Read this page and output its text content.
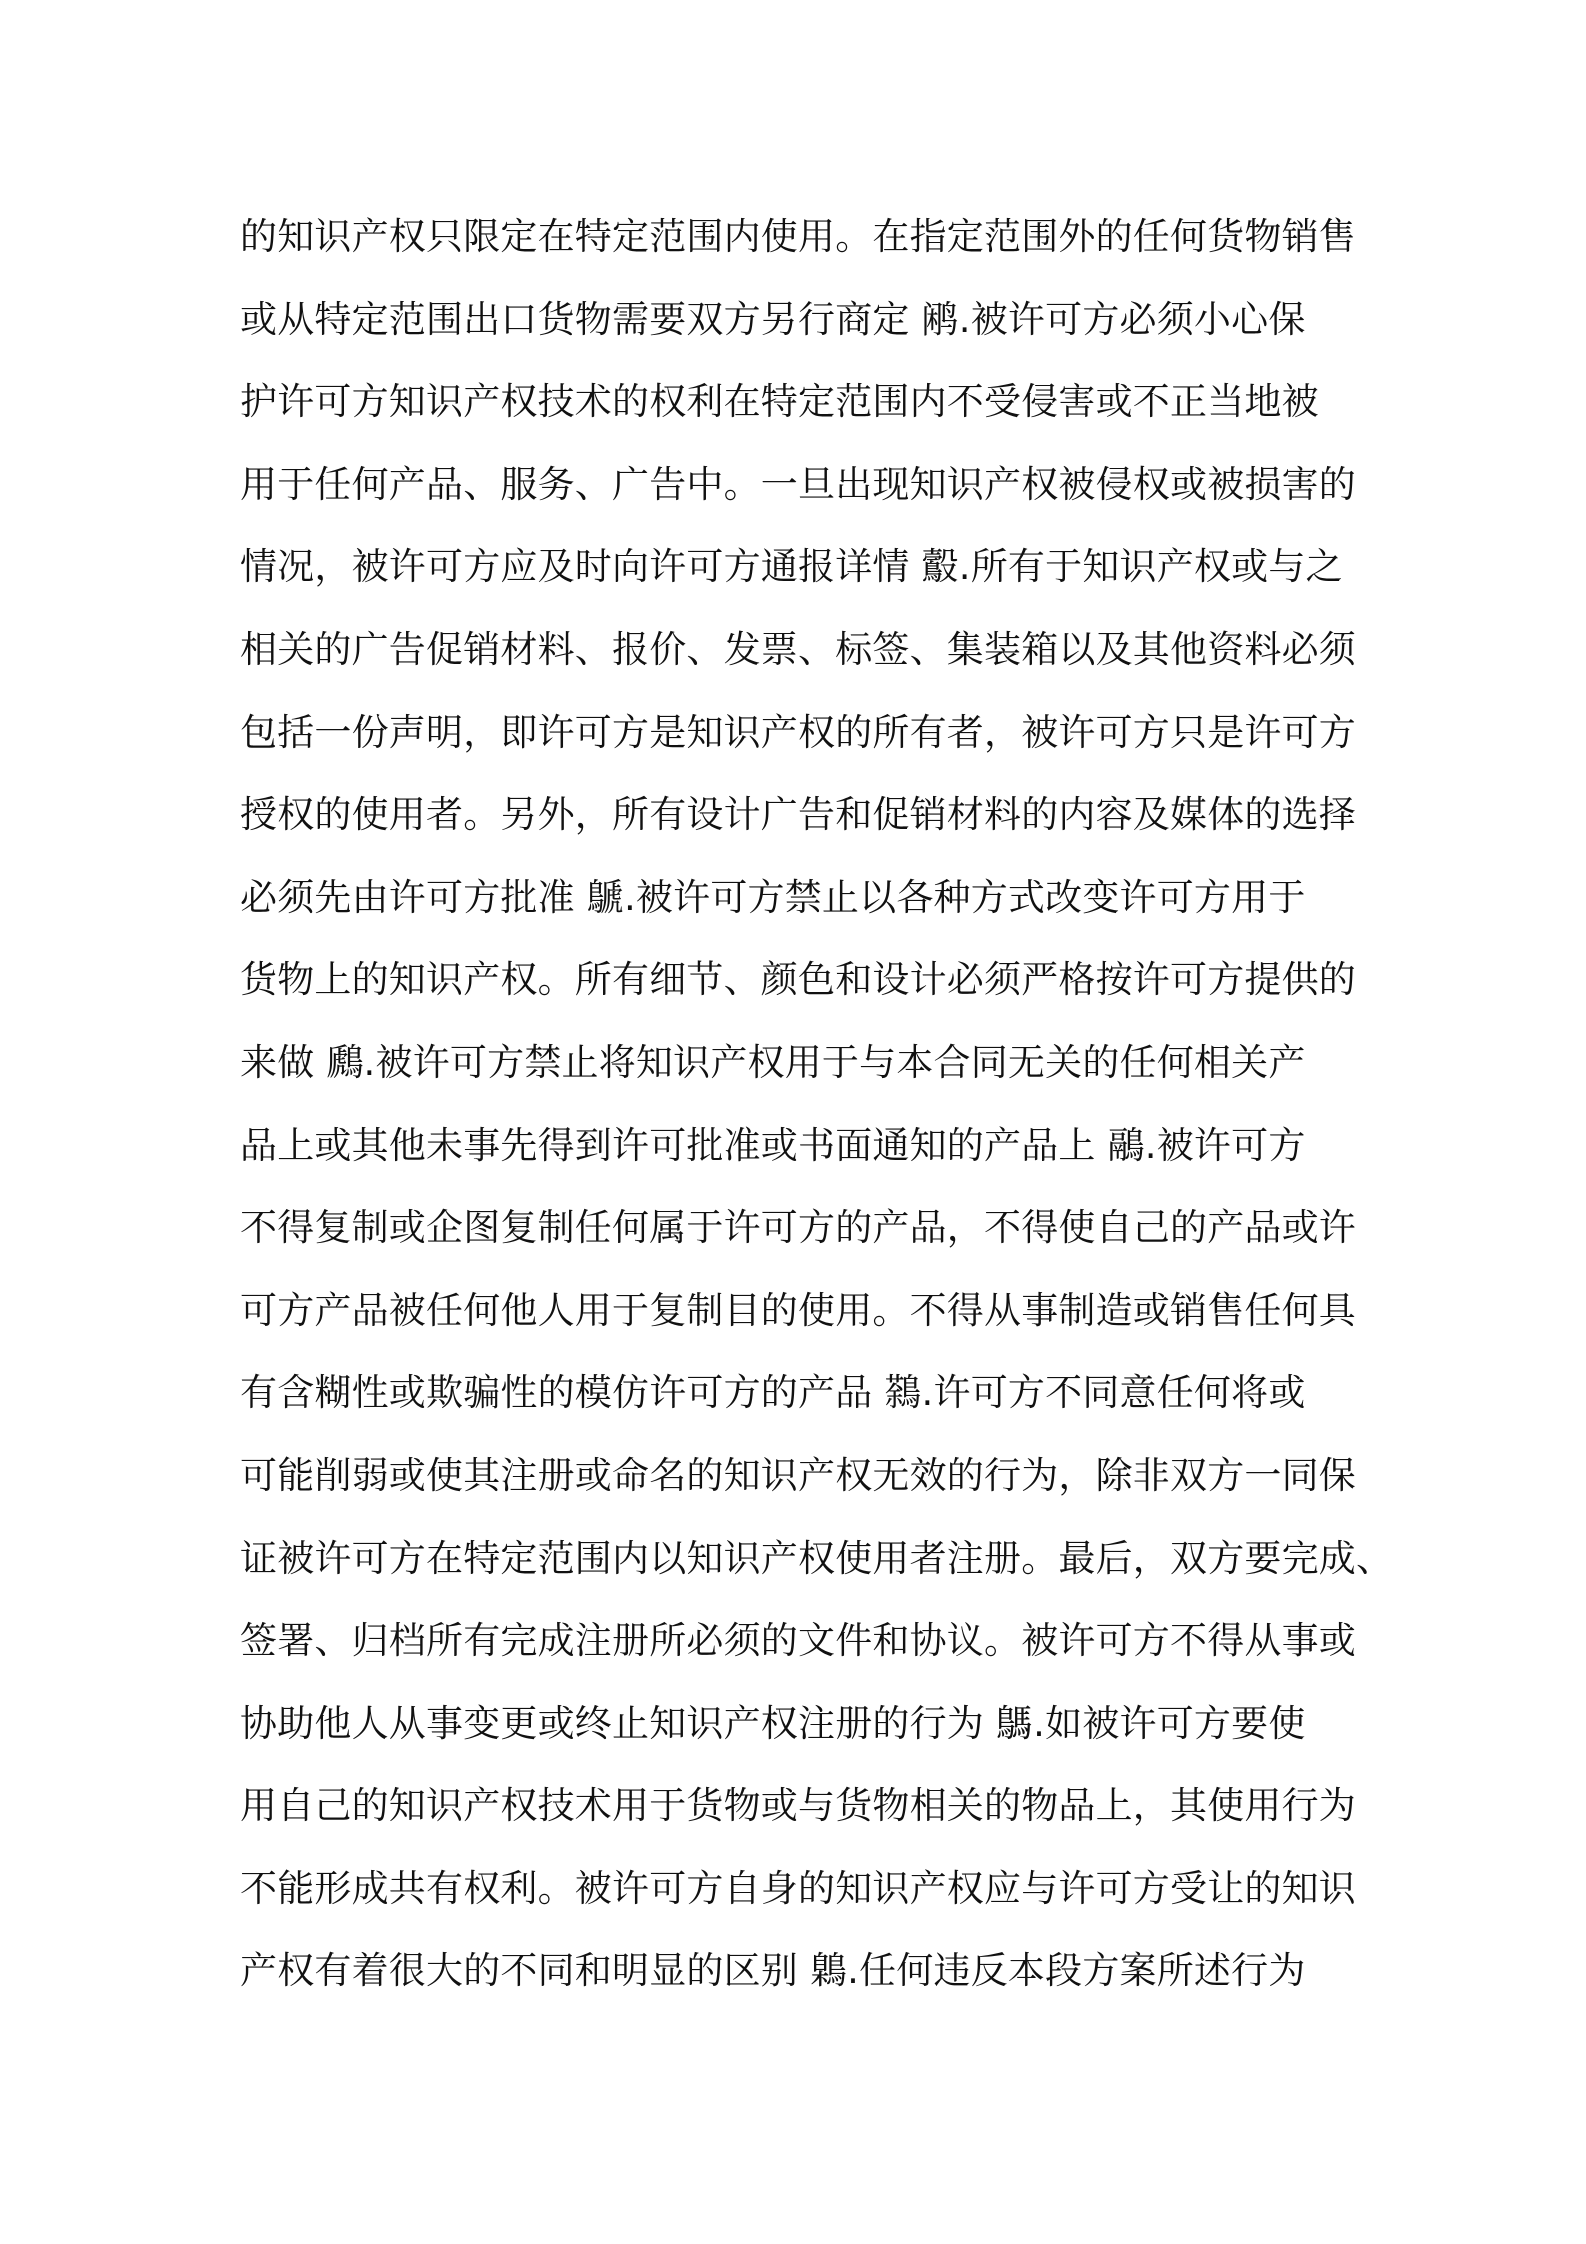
的知识产权只限定在特定范围内使用。在指定范围外的任何货物销售
或从特定范围出口货物需要双方另行商定 鹇.被许可方必须小心保
护许可方知识产权技术的权利在特定范围内不受侵害或不正当地被
用于任何产品、服务、广告中。一旦出现知识产权被侵权或被损害的
情况，被许可方应及时向许可方通报详情 鷇.所有于知识产权或与之
相关的广告促销材料、报价、发票、标签、集装箱以及其他资料必须
包括一份声明，即许可方是知识产权的所有者，被许可方只是许可方
授权的使用者。另外，所有设计广告和促销材料的内容及媒体的选择
必须先由许可方批准 鷈.被许可方禁止以各种方式改变许可方用于
货物上的知识产权。所有细节、颜色和设计必须严格按许可方提供的
来做 鷉.被许可方禁止将知识产权用于与本合同无关的任何相关产
品上或其他未事先得到许可批准或书面通知的产品上 鷊.被许可方
不得复制或企图复制任何属于许可方的产品，不得使自己的产品或许
可方产品被任何他人用于复制目的使用。不得从事制造或销售任何具
有含糊性或欺骗性的模仿许可方的产品 鷋.许可方不同意任何将或
可能削弱或使其注册或命名的知识产权无效的行为，除非双方一同保
证被许可方在特定范围内以知识产权使用者注册。最后，双方要完成、
签署、归档所有完成注册所必须的文件和协议。被许可方不得从事或
协助他人从事变更或终止知识产权注册的行为 鷌.如被许可方要使
用自己的知识产权技术用于货物或与货物相关的物品上，其使用行为
不能形成共有权利。被许可方自身的知识产权应与许可方受让的知识
产权有着很大的不同和明显的区别 鷍.任何违反本段方案所述行为
